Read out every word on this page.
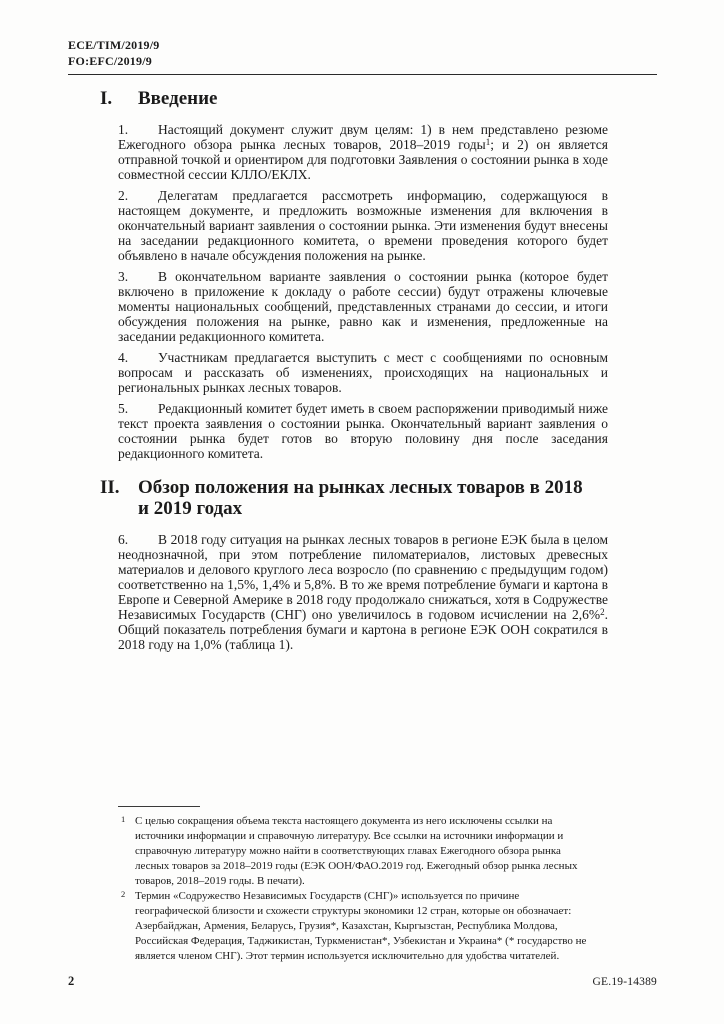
ECE/TIM/2019/9
FO:EFC/2019/9
I.	Введение

1. Настоящий документ служит двум целям: 1) в нем представлено резюме Ежегодного обзора рынка лесных товаров, 2018–2019 годы$^1$; и 2) он является отправной точкой и ориентиром для подготовки Заявления о состоянии рынка в ходе совместной сессии КЛЛО/ЕКЛХ.

2. Делегатам предлагается рассмотреть информацию, содержащуюся в настоящем документе, и предложить возможные изменения для включения в окончательный вариант заявления о состоянии рынка. Эти изменения будут внесены на заседании редакционного комитета, о времени проведения которого будет объявлено в начале обсуждения положения на рынке.

3. В окончательном варианте заявления о состоянии рынка (которое будет включено в приложение к докладу о работе сессии) будут отражены ключевые моменты национальных сообщений, представленных странами до сессии, и итоги обсуждения положения на рынке, равно как и изменения, предложенные на заседании редакционного комитета.

4. Участникам предлагается выступить с мест с сообщениями по основным вопросам и рассказать об изменениях, происходящих на национальных и региональных рынках лесных товаров.

5. Редакционный комитет будет иметь в своем распоряжении приводимый ниже текст проекта заявления о состоянии рынка. Окончательный вариант заявления о состоянии рынка будет готов во вторую половину дня после заседания редакционного комитета.

II. Обзор положения на рынках лесных товаров в 2018
и 2019 годах

6. В 2018 году ситуация на рынках лесных товаров в регионе ЕЭК была в целом неоднозначной, при этом потребление пиломатериалов, листовых древесных материалов и делового круглого леса возросло (по сравнению с предыдущим годом) соответственно на 1,5%, 1,4% и 5,8%. В то же время потребление бумаги и картона в Европе и Северной Америке в 2018 году продолжало снижаться, хотя в Содружестве Независимых Государств (СНГ) оно увеличилось в годовом исчислении на 2,6%$^2$. Общий показатель потребления бумаги и картона в регионе ЕЭК ООН сократился в 2018 году на 1,0% (таблица 1).

1 С целью сокращения объема текста настоящего документа из него исключены ссылки на источники информации и справочную литературу. Все ссылки на источники информации и справочную литературу можно найти в соответствующих главах Ежегодного обзора рынка лесных товаров за 2018–2019 годы (ЕЭК ООН/ФАО.2019 год. Ежегодный обзор рынка лесных товаров, 2018–2019 годы. В печати).
2 Термин «Содружество Независимых Государств (СНГ)» используется по причине географической близости и схожести структуры экономики 12 стран, которые он обозначает: Азербайджан, Армения, Беларусь, Грузия*, Казахстан, Кыргызстан, Республика Молдова, Российская Федерация, Таджикистан, Туркменистан*, Узбекистан и Украина* (* государство не является членом СНГ). Этот термин используется исключительно для удобства читателей.
2	GE.19-14389
